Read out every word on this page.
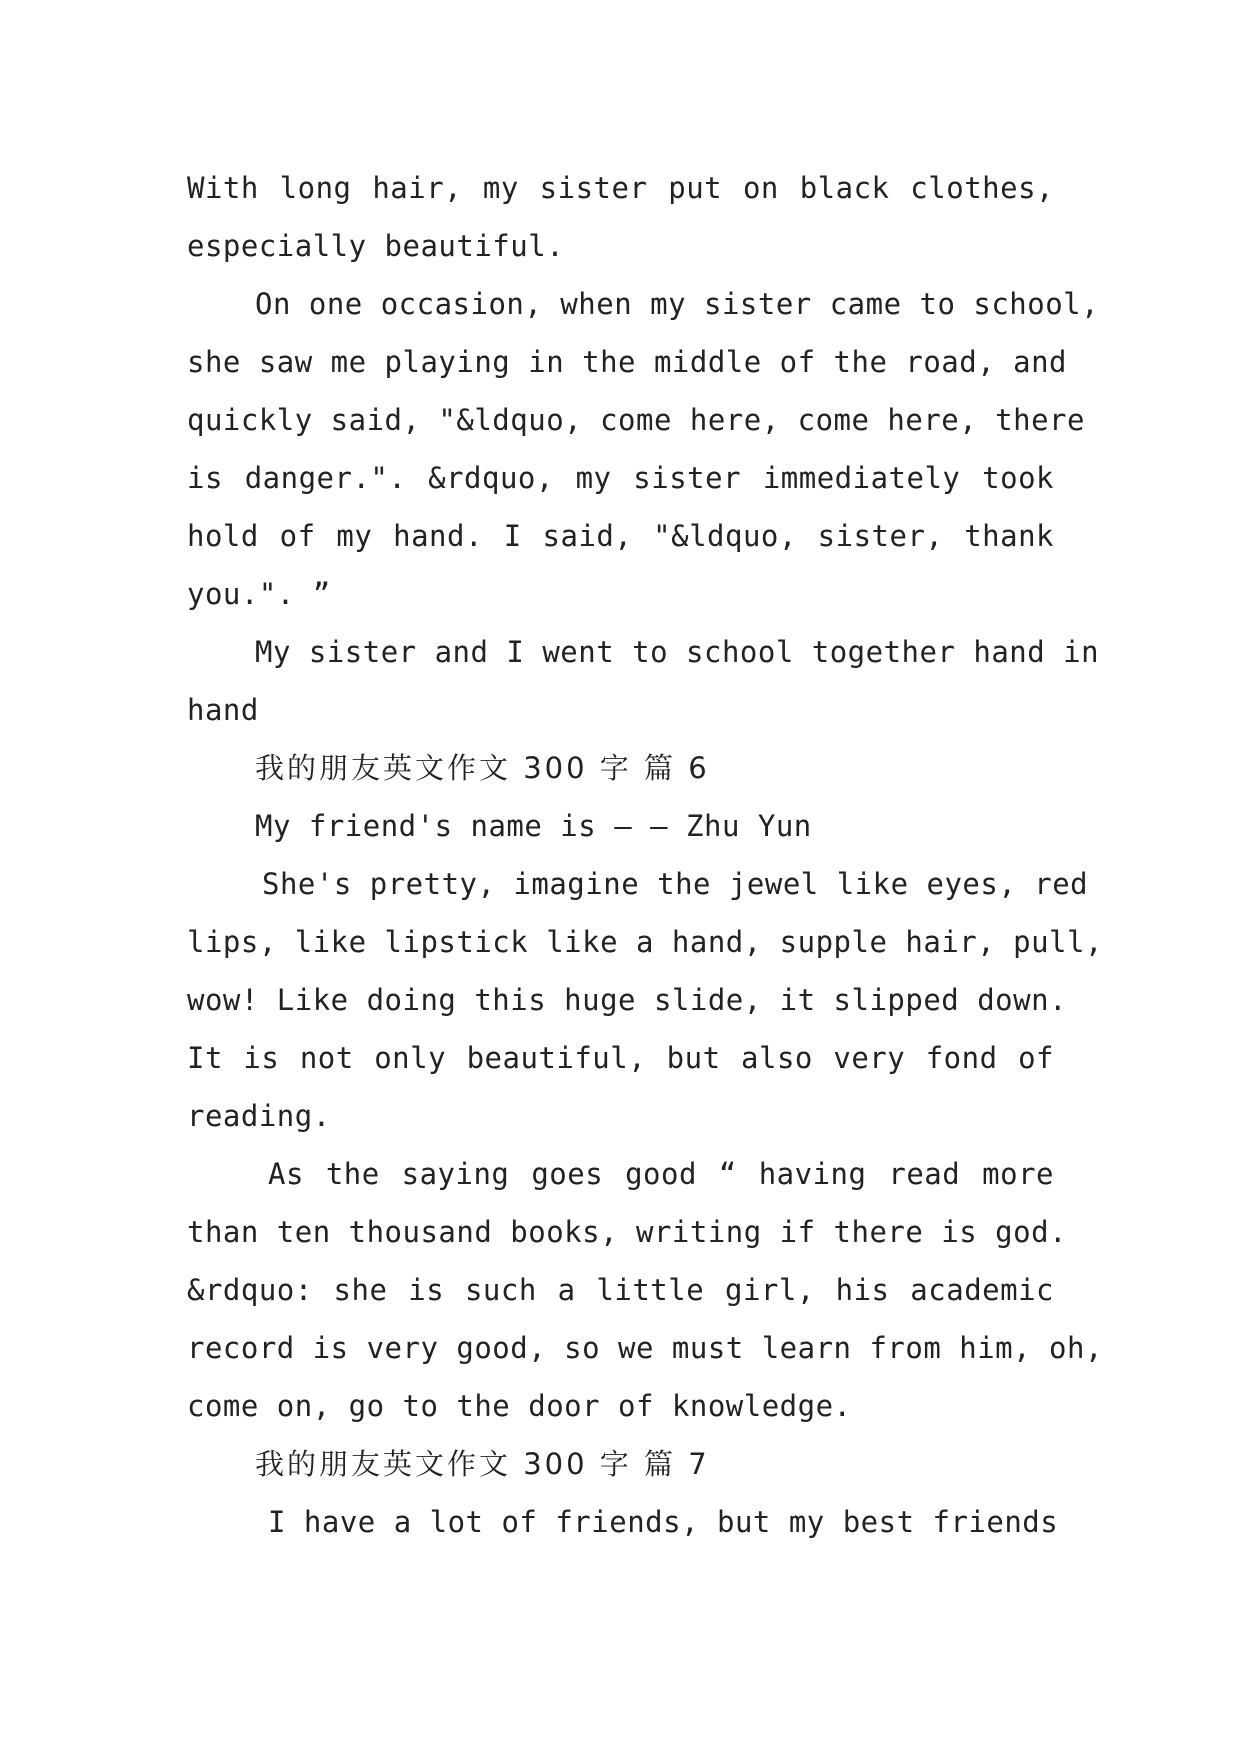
With long hair, my sister put on black clothes,
especially beautiful.
On one occasion, when my sister came to school,
she saw me playing in the middle of the road, and
quickly said, "&ldquo, come here, come here, there
is danger.". &rdquo, my sister immediately took
hold of my hand. I said, "&ldquo, sister, thank
you.". ”
My sister and I went to school together hand in
hand
我的朋友英文作文 300 字 篇 6
My friend's name is — — Zhu Yun
She's pretty, imagine the jewel like eyes, red
lips, like lipstick like a hand, supple hair, pull,
wow! Like doing this huge slide, it slipped down.
It is not only beautiful, but also very fond of
reading.
As the saying goes good “ having read more
than ten thousand books, writing if there is god.
&rdquo: she is such a little girl, his academic
record is very good, so we must learn from him, oh,
come on, go to the door of knowledge.
我的朋友英文作文 300 字 篇 7
I have a lot of friends, but my best friends
